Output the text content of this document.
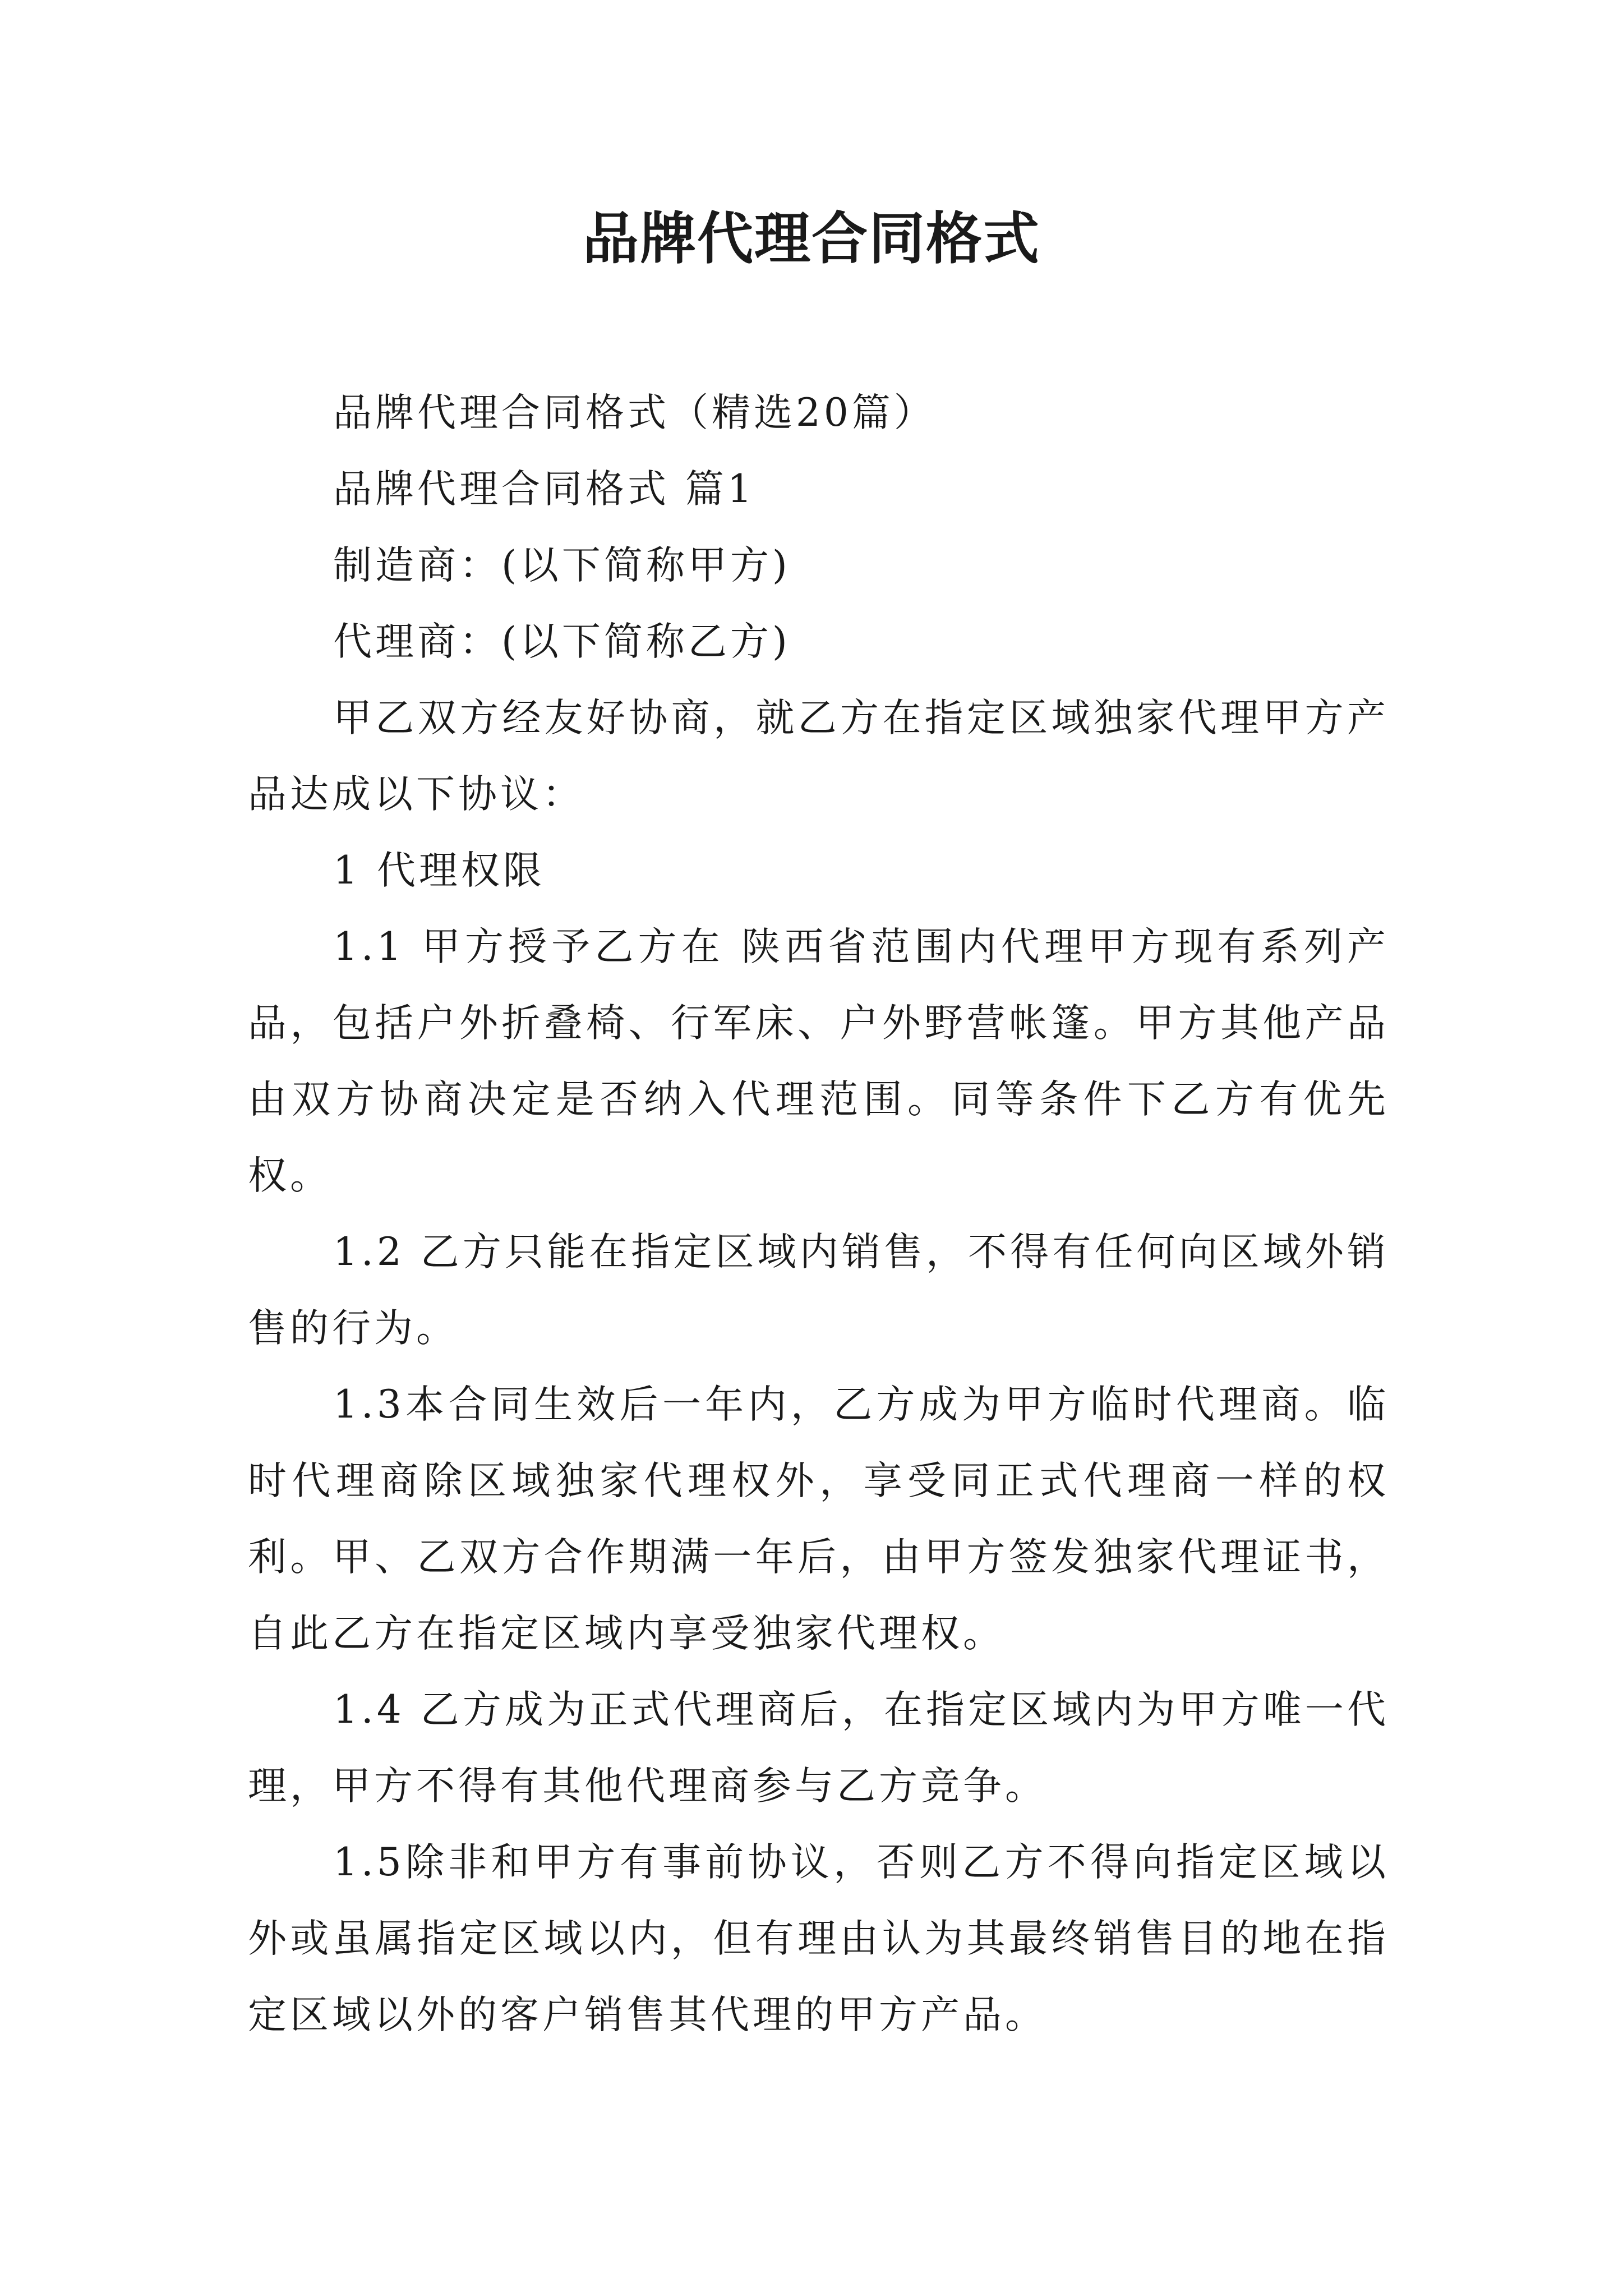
品牌代理合同格式

品牌代理合同格式（精选20篇）

品牌代理合同格式 篇1

制造商：(以下简称甲方)

代理商：(以下简称乙方)

甲乙双方经友好协商，就乙方在指定区域独家代理甲方产品达成以下协议：

1 代理权限

1.1 甲方授予乙方在 陕西省范围内代理甲方现有系列产品，包括户外折叠椅、行军床、户外野营帐篷。甲方其他产品由双方协商决定是否纳入代理范围。同等条件下乙方有优先权。

1.2 乙方只能在指定区域内销售，不得有任何向区域外销售的行为。

1.3本合同生效后一年内，乙方成为甲方临时代理商。临时代理商除区域独家代理权外，享受同正式代理商一样的权利。甲、乙双方合作期满一年后，由甲方签发独家代理证书，自此乙方在指定区域内享受独家代理权。

1.4 乙方成为正式代理商后，在指定区域内为甲方唯一代理，甲方不得有其他代理商参与乙方竞争。

1.5除非和甲方有事前协议，否则乙方不得向指定区域以外或虽属指定区域以内，但有理由认为其最终销售目的地在指定区域以外的客户销售其代理的甲方产品。
